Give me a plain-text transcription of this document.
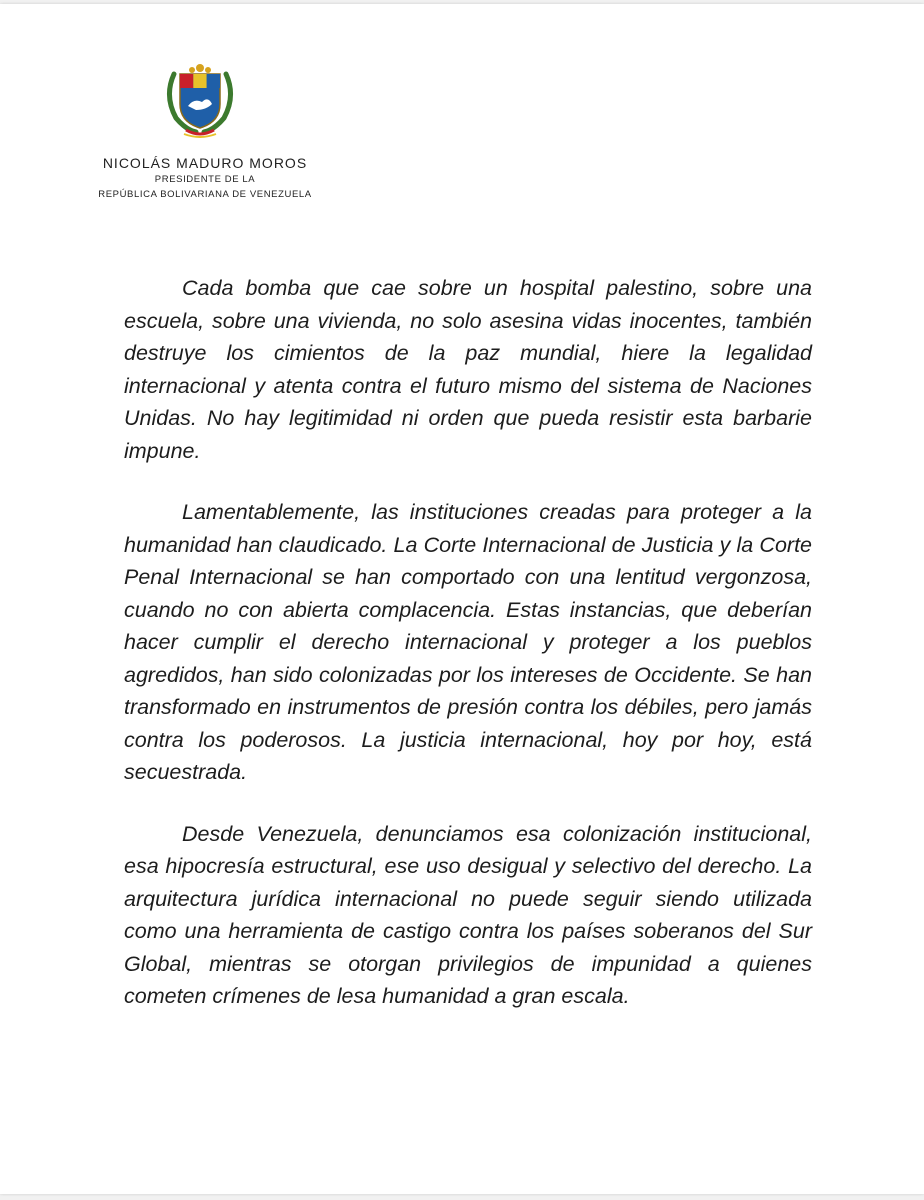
NICOLÁS MADURO MOROS
PRESIDENTE DE LA
REPÚBLICA BOLIVARIANA DE VENEZUELA

Cada bomba que cae sobre un hospital palestino, sobre una escuela, sobre una vivienda, no solo asesina vidas inocentes, también destruye los cimientos de la paz mundial, hiere la legalidad internacional y atenta contra el futuro mismo del sistema de Naciones Unidas. No hay legitimidad ni orden que pueda resistir esta barbarie impune.

Lamentablemente, las instituciones creadas para proteger a la humanidad han claudicado. La Corte Internacional de Justicia y la Corte Penal Internacional se han comportado con una lentitud vergonzosa, cuando no con abierta complacencia. Estas instancias, que deberían hacer cumplir el derecho internacional y proteger a los pueblos agredidos, han sido colonizadas por los intereses de Occidente. Se han transformado en instrumentos de presión contra los débiles, pero jamás contra los poderosos. La justicia internacional, hoy por hoy, está secuestrada.

Desde Venezuela, denunciamos esa colonización institucional, esa hipocresía estructural, ese uso desigual y selectivo del derecho. La arquitectura jurídica internacional no puede seguir siendo utilizada como una herramienta de castigo contra los países soberanos del Sur Global, mientras se otorgan privilegios de impunidad a quienes cometen crímenes de lesa humanidad a gran escala.
